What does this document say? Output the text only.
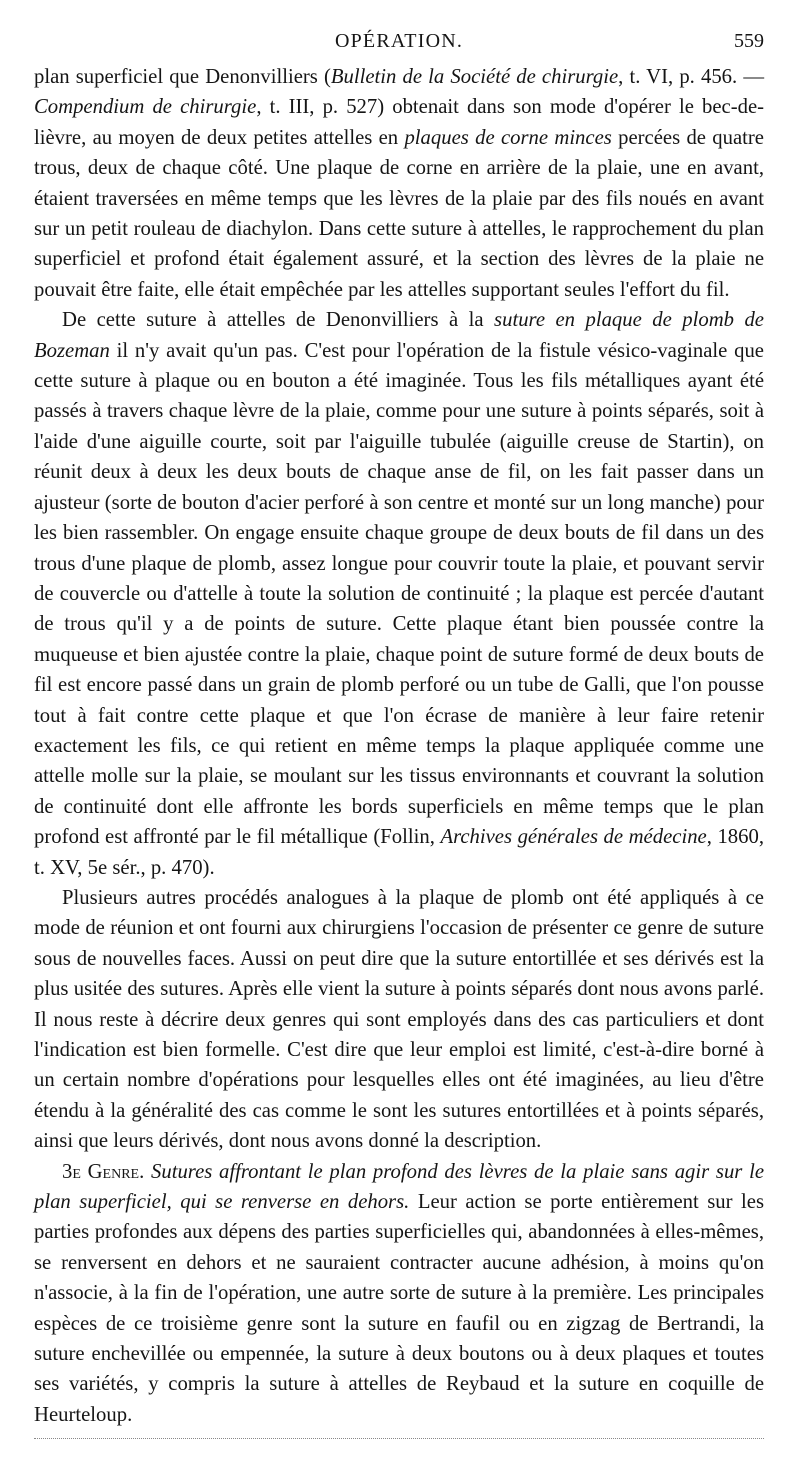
OPÉRATION.	559

plan superficiel que Denonvilliers (Bulletin de la Société de chirurgie, t. VI, p. 456. — Compendium de chirurgie, t. III, p. 527) obtenait dans son mode d'opérer le bec-de-lièvre, au moyen de deux petites attelles en plaques de corne minces percées de quatre trous, deux de chaque côté. Une plaque de corne en arrière de la plaie, une en avant, étaient traversées en même temps que les lèvres de la plaie par des fils noués en avant sur un petit rouleau de diachylon. Dans cette suture à attelles, le rapprochement du plan superficiel et profond était également assuré, et la section des lèvres de la plaie ne pouvait être faite, elle était empêchée par les attelles supportant seules l'effort du fil.

De cette suture à attelles de Denonvilliers à la suture en plaque de plomb de Bozeman il n'y avait qu'un pas. C'est pour l'opération de la fistule vésico-vaginale que cette suture à plaque ou en bouton a été imaginée. Tous les fils métalliques ayant été passés à travers chaque lèvre de la plaie, comme pour une suture à points séparés, soit à l'aide d'une aiguille courte, soit par l'aiguille tubulée (aiguille creuse de Startin), on réunit deux à deux les deux bouts de chaque anse de fil, on les fait passer dans un ajusteur (sorte de bouton d'acier perforé à son centre et monté sur un long manche) pour les bien rassembler. On engage ensuite chaque groupe de deux bouts de fil dans un des trous d'une plaque de plomb, assez longue pour couvrir toute la plaie, et pouvant servir de couvercle ou d'attelle à toute la solution de continuité ; la plaque est percée d'autant de trous qu'il y a de points de suture. Cette plaque étant bien poussée contre la muqueuse et bien ajustée contre la plaie, chaque point de suture formé de deux bouts de fil est encore passé dans un grain de plomb perforé ou un tube de Galli, que l'on pousse tout à fait contre cette plaque et que l'on écrase de manière à leur faire retenir exactement les fils, ce qui retient en même temps la plaque appliquée comme une attelle molle sur la plaie, se moulant sur les tissus environnants et couvrant la solution de continuité dont elle affronte les bords superficiels en même temps que le plan profond est affronté par le fil métallique (Follin, Archives générales de médecine, 1860, t. XV, 5e sér., p. 470).

Plusieurs autres procédés analogues à la plaque de plomb ont été appliqués à ce mode de réunion et ont fourni aux chirurgiens l'occasion de présenter ce genre de suture sous de nouvelles faces. Aussi on peut dire que la suture entortillée et ses dérivés est la plus usitée des sutures. Après elle vient la suture à points séparés dont nous avons parlé. Il nous reste à décrire deux genres qui sont employés dans des cas particuliers et dont l'indication est bien formelle. C'est dire que leur emploi est limité, c'est-à-dire borné à un certain nombre d'opérations pour lesquelles elles ont été imaginées, au lieu d'être étendu à la généralité des cas comme le sont les sutures entortillées et à points séparés, ainsi que leurs dérivés, dont nous avons donné la description.

3e Genre. Sutures affrontant le plan profond des lèvres de la plaie sans agir sur le plan superficiel, qui se renverse en dehors. Leur action se porte entièrement sur les parties profondes aux dépens des parties superficielles qui, abandonnées à elles-mêmes, se renversent en dehors et ne sauraient contracter aucune adhésion, à moins qu'on n'associe, à la fin de l'opération, une autre sorte de suture à la première. Les principales espèces de ce troisième genre sont la suture en faufil ou en zigzag de Bertrandi, la suture enchevillée ou empennée, la suture à deux boutons ou à deux plaques et toutes ses variétés, y compris la suture à attelles de Reybaud et la suture en coquille de Heurteloup.
